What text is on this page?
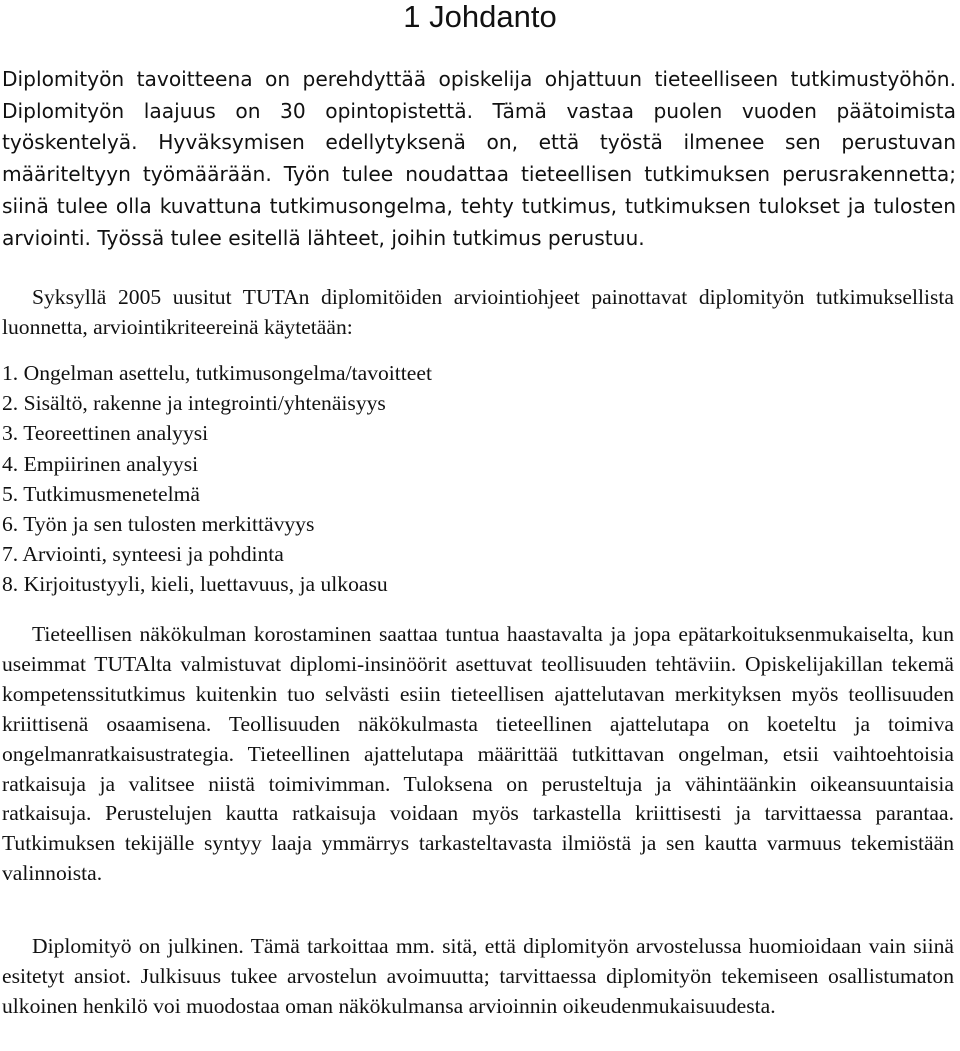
1 Johdanto

Diplomityön tavoitteena on perehdyttää opiskelija ohjattuun tieteelliseen tutkimustyöhön. Diplomityön laajuus on 30 opintopistettä. Tämä vastaa puolen vuoden päätoimista työskentelyä. Hyväksymisen edellytyksenä on, että työstä ilmenee sen perustuvan määriteltyyn työmäärään. Työn tulee noudattaa tieteellisen tutkimuksen perusrakennetta; siinä tulee olla kuvattuna tutkimusongelma, tehty tutkimus, tutkimuksen tulokset ja tulosten arviointi. Työssä tulee esitellä lähteet, joihin tutkimus perustuu.

Syksyllä 2005 uusitut TUTAn diplomitöiden arviointiohjeet painottavat diplomityön tutkimuksellista luonnetta, arviointikriteereinä käytetään:

1. Ongelman asettelu, tutkimusongelma/tavoitteet
2. Sisältö, rakenne ja integrointi/yhtenäisyys
3. Teoreettinen analyysi
4. Empiirinen analyysi
5. Tutkimusmenetelmä
6. Työn ja sen tulosten merkittävyys
7. Arviointi, synteesi ja pohdinta
8. Kirjoitustyyli, kieli, luettavuus, ja ulkoasu

Tieteellisen näkökulman korostaminen saattaa tuntua haastavalta ja jopa epätarkoituksenmukaiselta, kun useimmat TUTAlta valmistuvat diplomi-insinöörit asettuvat teollisuuden tehtäviin. Opiskelijakillan tekemä kompetenssitutkimus kuitenkin tuo selvästi esiin tieteellisen ajattelutavan merkityksen myös teollisuuden kriittisenä osaamisena. Teollisuuden näkökulmasta tieteellinen ajattelutapa on koeteltu ja toimiva ongelmanratkaisustrategia. Tieteellinen ajattelutapa määrittää tutkittavan ongelman, etsii vaihtoehtoisia ratkaisuja ja valitsee niistä toimivimman. Tuloksena on perusteltuja ja vähintäänkin oikeansuuntaisia ratkaisuja. Perustelujen kautta ratkaisuja voidaan myös tarkastella kriittisesti ja tarvittaessa parantaa. Tutkimuksen tekijälle syntyy laaja ymmärrys tarkasteltavasta ilmiöstä ja sen kautta varmuus tekemistään valinnoista.

Diplomityö on julkinen. Tämä tarkoittaa mm. sitä, että diplomityön arvostelussa huomioidaan vain siinä esitetyt ansiot. Julkisuus tukee arvostelun avoimuutta; tarvittaessa diplomityön tekemiseen osallistumaton ulkoinen henkilö voi muodostaa oman näkökulmansa arvioinnin oikeudenmukaisuudesta.
